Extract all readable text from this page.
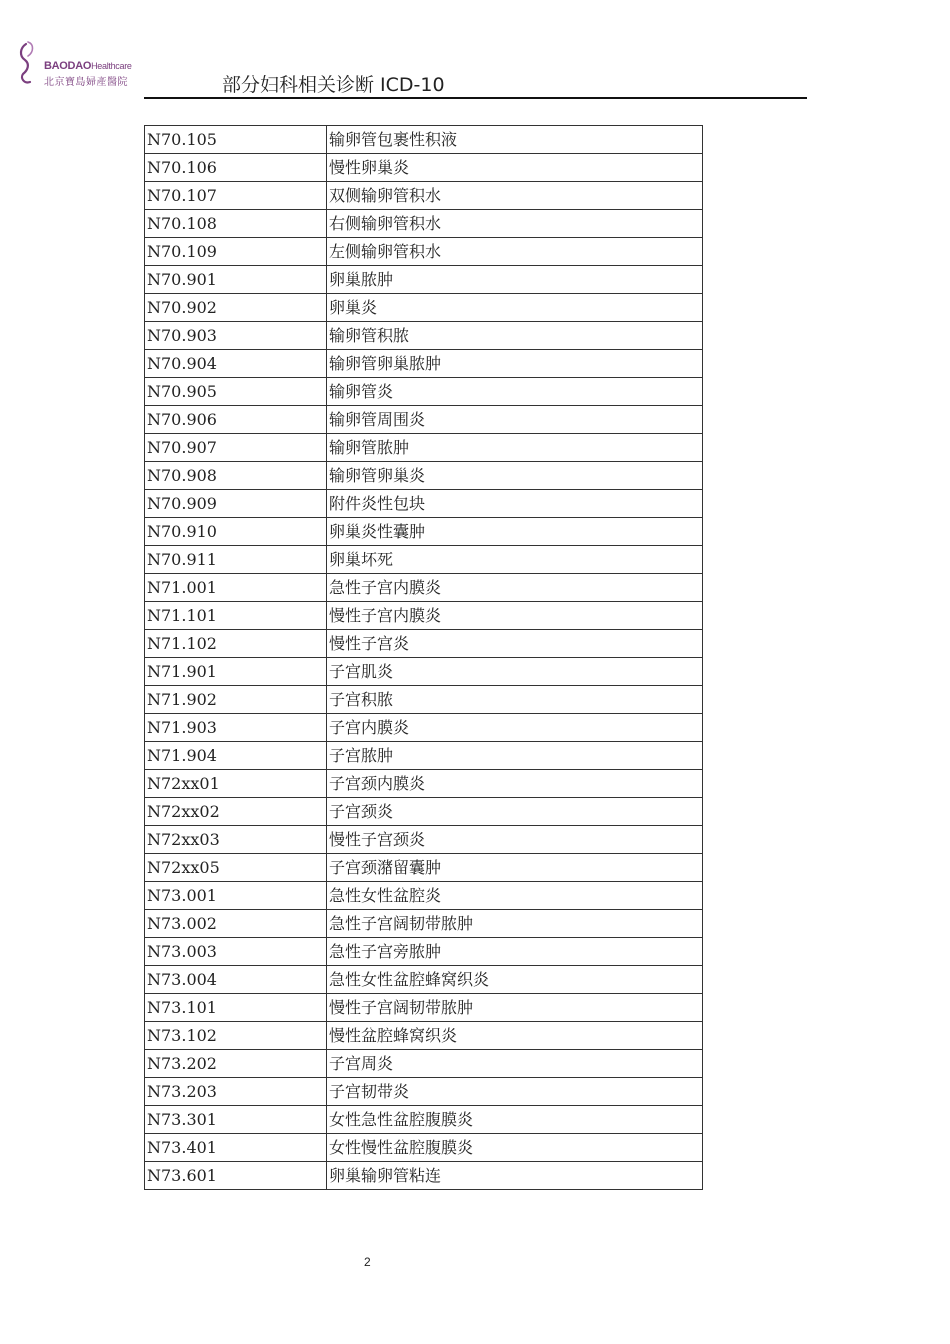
BAODAOHealthcare
北京寶島婦產醫院	部分妇科相关诊断 ICD-10
N70.105	输卵管包裹性积液
N70.106	慢性卵巢炎
N70.107	双侧输卵管积水
N70.108	右侧输卵管积水
N70.109	左侧输卵管积水
N70.901	卵巢脓肿
N70.902	卵巢炎
N70.903	输卵管积脓
N70.904	输卵管卵巢脓肿
N70.905	输卵管炎
N70.906	输卵管周围炎
N70.907	输卵管脓肿
N70.908	输卵管卵巢炎
N70.909	附件炎性包块
N70.910	卵巢炎性囊肿
N70.911	卵巢坏死
N71.001	急性子宫内膜炎
N71.101	慢性子宫内膜炎
N71.102	慢性子宫炎
N71.901	子宫肌炎
N71.902	子宫积脓
N71.903	子宫内膜炎
N71.904	子宫脓肿
N72xx01	子宫颈内膜炎
N72xx02	子宫颈炎
N72xx03	慢性子宫颈炎
N72xx05	子宫颈潴留囊肿
N73.001	急性女性盆腔炎
N73.002	急性子宫阔韧带脓肿
N73.003	急性子宫旁脓肿
N73.004	急性女性盆腔蜂窝织炎
N73.101	慢性子宫阔韧带脓肿
N73.102	慢性盆腔蜂窝织炎
N73.202	子宫周炎
N73.203	子宫韧带炎
N73.301	女性急性盆腔腹膜炎
N73.401	女性慢性盆腔腹膜炎
N73.601	卵巢输卵管粘连
2
